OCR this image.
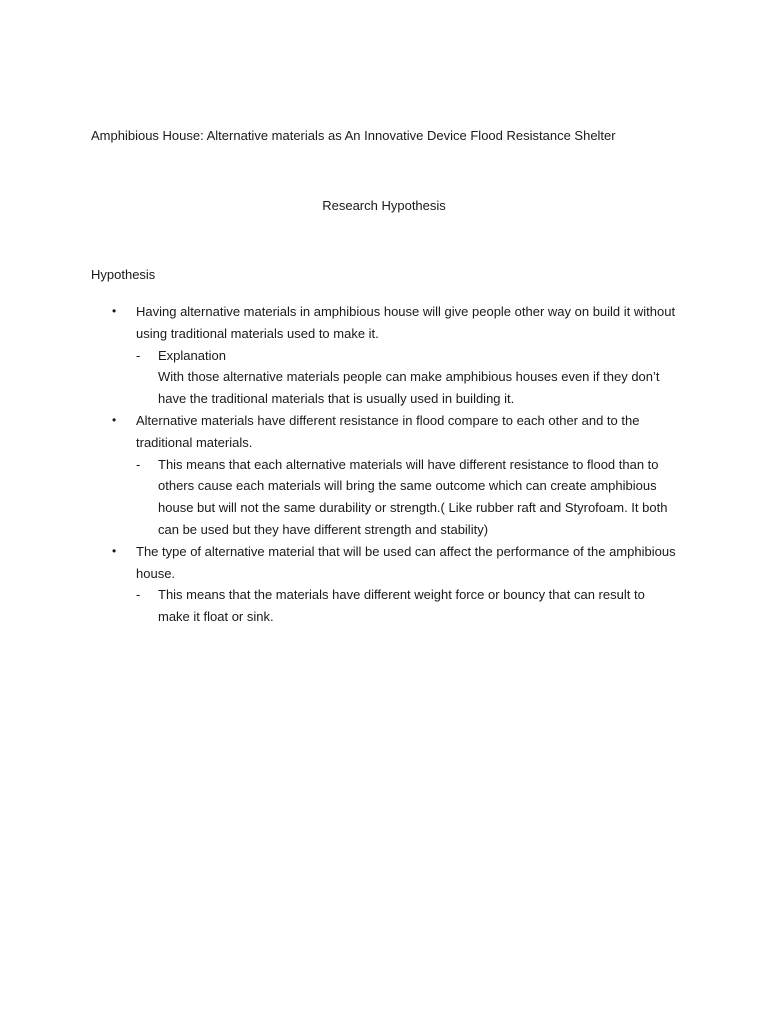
Amphibious House: Alternative materials as An Innovative Device Flood Resistance Shelter
Research Hypothesis
Hypothesis
• Having alternative materials in amphibious house will give people other way on build it without using traditional materials used to make it.
- Explanation
With those alternative materials people can make amphibious houses even if they don’t have the traditional materials that is usually used in building it.
• Alternative materials have different resistance in flood compare to each other and to the traditional materials.
- This means that each alternative materials will have different resistance to flood than to others cause each materials will bring the same outcome which can create amphibious house but will not the same durability or strength.( Like rubber raft and Styrofoam. It both can be used but they have different strength and stability)
• The type of alternative material that will be used can affect the performance of the amphibious house.
- This means that the materials have different weight force or bouncy that can result to make it float or sink.
